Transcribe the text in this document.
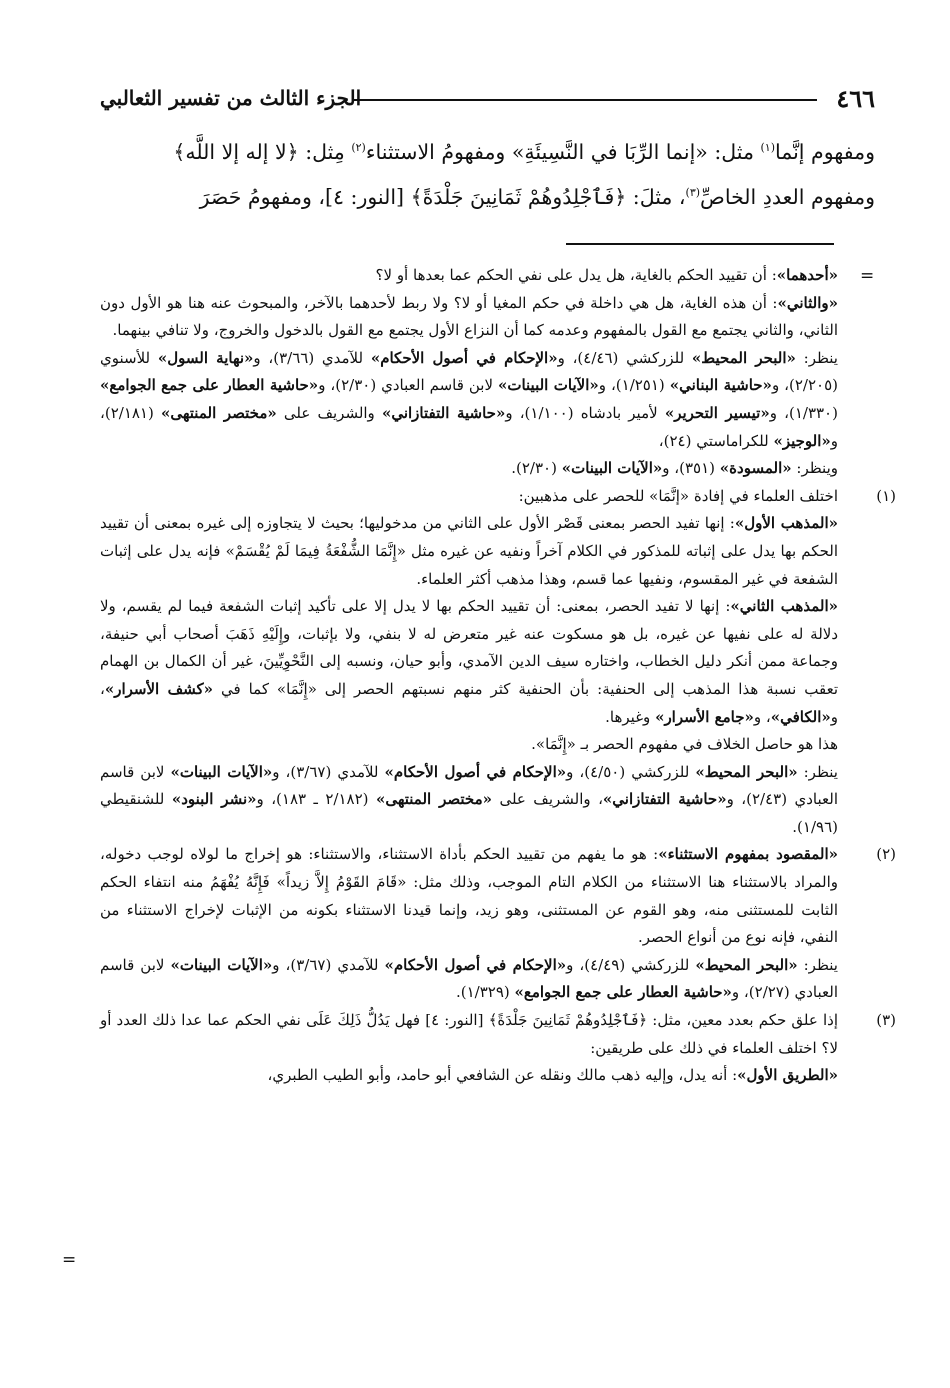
٤٦٦
الجزء الثالث من تفسير الثعالبي

ومفهوم إنَّما$^{(١)}$ مثل: «إنما الرِّبَا في النَّسِيئَةِ» ومفهومُ الاستثناء$^{(٢)}$ مِثل: ﴿لا إله إلا اللَّه﴾

ومفهوم العددِ الخاصِّ$^{(٣)}$، مثلَ: ﴿فَٱجْلِدُوهُمْ ثَمَانِينَ جَلْدَةً﴾ [النور: ٤]، ومفهومُ حَصَرَ

=

«أحدهما»: أن تقييد الحكم بالغاية، هل يدل على نفي الحكم عما بعدها أو لا؟

«والثاني»: أن هذه الغاية، هل هي داخلة في حكم المغيا أو لا؟ ولا ربط لأحدهما بالآخر، والمبحوث عنه هنا هو الأول دون الثاني، والثاني يجتمع مع القول بالمفهوم وعدمه كما أن النزاع الأول يجتمع مع القول بالدخول والخروج، ولا تنافي بينهما.

ينظر: «البحر المحيط» للزركشي (٤/٤٦)، و«الإحكام في أصول الأحكام» للآمدي (٣/٦٦)، و«نهاية السول» للأسنوي (٢/٢٠٥)، و«حاشية البناني» (١/٢٥١)، و«الآيات البينات» لابن قاسم العبادي (٢/٣٠)، و«حاشية العطار على جمع الجوامع» (١/٣٣٠)، و«تيسير التحرير» لأمير بادشاه (١/١٠٠)، و«حاشية التفتازاني» والشريف على «مختصر المنتهى» (٢/١٨١)، و«الوجيز» للكراماستي (٢٤)،

وينظر: «المسودة» (٣٥١)، و«الآيات البينات» (٢/٣٠).

(١)

اختلف العلماء في إفادة «إنَّمَا» للحصر على مذهبين:

«المذهب الأول»: إنها تفيد الحصر بمعنى قَصْر الأول على الثاني من مدخوليها؛ بحيث لا يتجاوزه إلى غيره بمعنى أن تقييد الحكم بها يدل على إثباته للمذكور في الكلام آخراً ونفيه عن غيره مثل «إِنَّمَا الشُّفْعَةُ فِيمَا لَمْ يُقْسَمْ» فإنه يدل على إثبات الشفعة في غير المقسوم، ونفيها عما قسم، وهذا مذهب أكثر العلماء.

«المذهب الثاني»: إنها لا تفيد الحصر، بمعنى: أن تقييد الحكم بها لا يدل إلا على تأكيد إثبات الشفعة فيما لم يقسم، ولا دلالة له على نفيها عن غيره، بل هو مسكوت عنه غير متعرض له لا بنفي، ولا بإثبات، وإِلَيْهِ ذَهَبَ أصحاب أبي حنيفة، وجماعة ممن أنكر دليل الخطاب، واختاره سيف الدين الآمدي، وأبو حيان، ونسبه إلى النَّحْوِيِّينَ، غير أن الكمال بن الهمام تعقب نسبة هذا المذهب إلى الحنفية: بأن الحنفية كثر منهم نسبتهم الحصر إلى «إِنَّمَا» كما في «كشف الأسرار»، و«الكافي»، و«جامع الأسرار» وغيرها.

هذا هو حاصل الخلاف في مفهوم الحصر بـ «إِنَّمَا».

ينظر: «البحر المحيط» للزركشي (٤/٥٠)، و«الإحكام في أصول الأحكام» للآمدي (٣/٦٧)، و«الآيات البينات» لابن قاسم العبادي (٢/٤٣)، و«حاشية التفتازاني»، والشريف على «مختصر المنتهى» (٢/١٨٢ ـ ١٨٣)، و«نشر البنود» للشنقيطي (١/٩٦).

(٢)

«المقصود بمفهوم الاستثناء»: هو ما يفهم من تقييد الحكم بأداة الاستثناء، والاستثناء: هو إخراج ما لولاه لوجب دخوله، والمراد بالاستثناء هنا الاستثناء من الكلام التام الموجب، وذلك مثل: «قَامَ القَوْمُ إِلاَّ زيداً» فَإِنَّهُ يُفْهَمُ منه انتفاء الحكم الثابت للمستثنى منه، وهو القوم عن المستثنى، وهو زيد، وإنما قيدنا الاستثناء بكونه من الإثبات لإخراج الاستثناء من النفي، فإنه نوع من أنواع الحصر.

ينظر: «البحر المحيط» للزركشي (٤/٤٩)، و«الإحكام في أصول الأحكام» للآمدي (٣/٦٧)، و«الآيات البينات» لابن قاسم العبادي (٢/٢٧)، و«حاشية العطار على جمع الجوامع» (١/٣٢٩).

(٣)

إذا علق حكم بعدد معين، مثل: ﴿فَٱجْلِدُوهُمْ ثَمَانِينَ جَلْدَةً﴾ [النور: ٤] فهل يَدُلُّ ذَلِكَ عَلَى نفي الحكم عما عدا ذلك العدد أو لا؟ اختلف العلماء في ذلك على طريقين:

«الطريق الأول»: أنه يدل، وإليه ذهب مالك ونقله عن الشافعي أبو حامد، وأبو الطيب الطبري،

=
